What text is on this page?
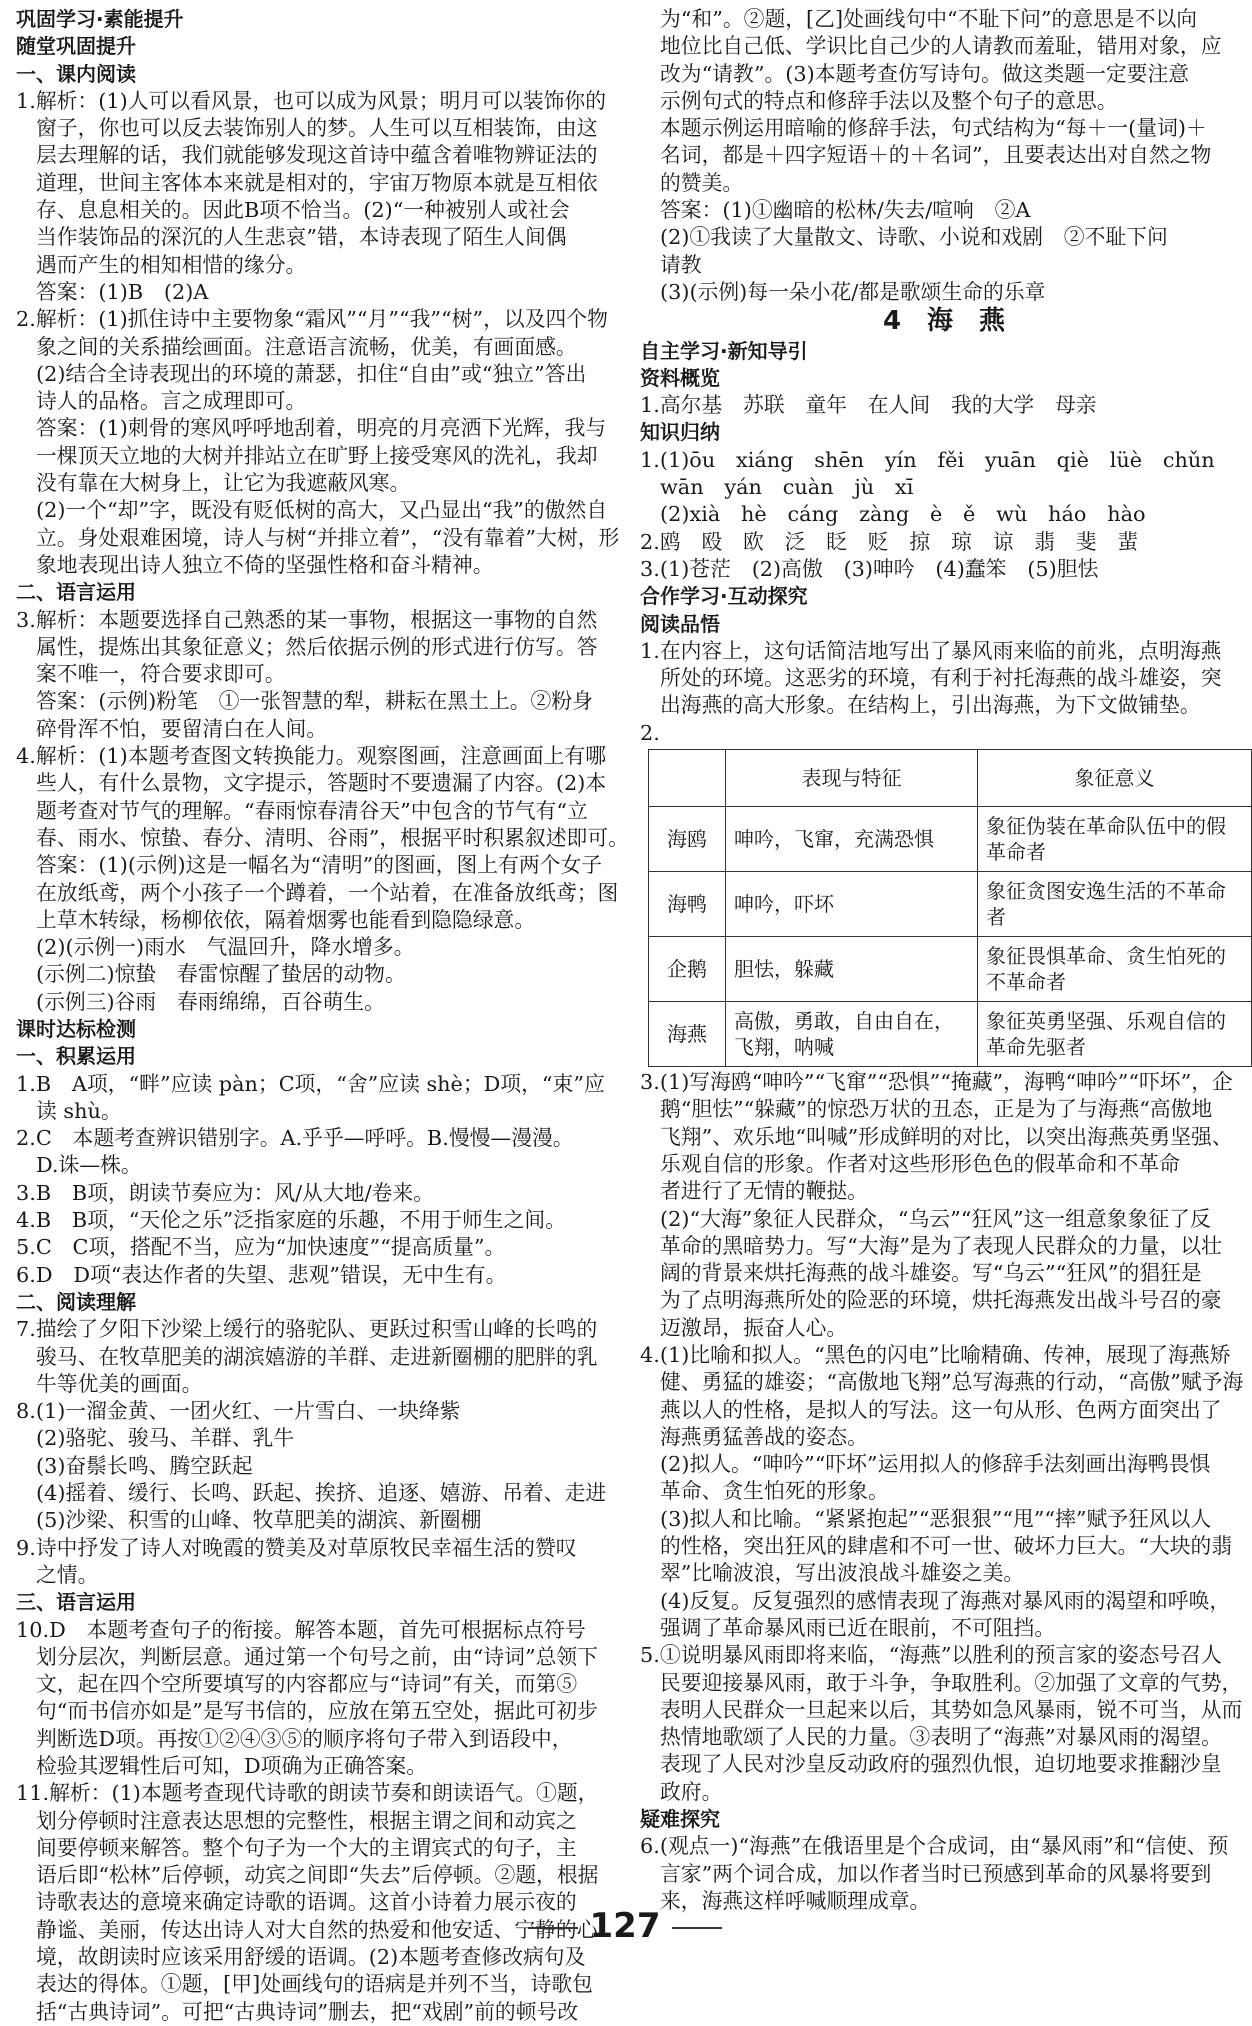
巩固学习·素能提升
随堂巩固提升
一、课内阅读
1.解析：(1)人可以看风景，也可以成为风景；明月可以装饰你的
窗子，你也可以反去装饰别人的梦。人生可以互相装饰，由这
层去理解的话，我们就能够发现这首诗中蕴含着唯物辨证法的
道理，世间主客体本来就是相对的，宇宙万物原本就是互相依
存、息息相关的。因此B项不恰当。(2)“一种被别人或社会
当作装饰品的深沉的人生悲哀”错，本诗表现了陌生人间偶
遇而产生的相知相惜的缘分。
答案：(1)B　(2)A
2.解析：(1)抓住诗中主要物象“霜风”“月”“我”“树”，以及四个物
象之间的关系描绘画面。注意语言流畅，优美，有画面感。
(2)结合全诗表现出的环境的萧瑟，扣住“自由”或“独立”答出
诗人的品格。言之成理即可。
答案：(1)刺骨的寒风呼呼地刮着，明亮的月亮洒下光辉，我与
一棵顶天立地的大树并排站立在旷野上接受寒风的洗礼，我却
没有靠在大树身上，让它为我遮蔽风寒。
(2)一个“却”字，既没有贬低树的高大，又凸显出“我”的傲然自
立。身处艰难困境，诗人与树“并排立着”，“没有靠着”大树，形
象地表现出诗人独立不倚的坚强性格和奋斗精神。
二、语言运用
3.解析：本题要选择自己熟悉的某一事物，根据这一事物的自然
属性，提炼出其象征意义；然后依据示例的形式进行仿写。答
案不唯一，符合要求即可。
答案：(示例)粉笔　①一张智慧的犁，耕耘在黑土上。②粉身
碎骨浑不怕，要留清白在人间。
4.解析：(1)本题考查图文转换能力。观察图画，注意画面上有哪
些人，有什么景物，文字提示，答题时不要遗漏了内容。(2)本
题考查对节气的理解。“春雨惊春清谷天”中包含的节气有“立
春、雨水、惊蛰、春分、清明、谷雨”，根据平时积累叙述即可。
答案：(1)(示例)这是一幅名为“清明”的图画，图上有两个女子
在放纸鸢，两个小孩子一个蹲着，一个站着，在准备放纸鸢；图
上草木转绿，杨柳依依，隔着烟雾也能看到隐隐绿意。
(2)(示例一)雨水　气温回升，降水增多。
(示例二)惊蛰　春雷惊醒了蛰居的动物。
(示例三)谷雨　春雨绵绵，百谷萌生。
课时达标检测
一、积累运用
1.B　A项，“畔”应读 pàn；C项，“舍”应读 shè；D项，“束”应
读 shù。
2.C　本题考查辨识错别字。A.乎乎—呼呼。B.慢慢—漫漫。
D.诛—株。
3.B　B项，朗读节奏应为：风/从大地/卷来。
4.B　B项，“天伦之乐”泛指家庭的乐趣，不用于师生之间。
5.C　C项，搭配不当，应为“加快速度”“提高质量”。
6.D　D项“表达作者的失望、悲观”错误，无中生有。
二、阅读理解
7.描绘了夕阳下沙梁上缓行的骆驼队、更跃过积雪山峰的长鸣的
骏马、在牧草肥美的湖滨嬉游的羊群、走进新圈棚的肥胖的乳
牛等优美的画面。
8.(1)一溜金黄、一团火红、一片雪白、一块绛紫
(2)骆驼、骏马、羊群、乳牛
(3)奋鬃长鸣、腾空跃起
(4)摇着、缓行、长鸣、跃起、挨挤、追逐、嬉游、吊着、走进
(5)沙梁、积雪的山峰、牧草肥美的湖滨、新圈棚
9.诗中抒发了诗人对晚霞的赞美及对草原牧民幸福生活的赞叹
之情。
三、语言运用
10.D　本题考查句子的衔接。解答本题，首先可根据标点符号
划分层次，判断层意。通过第一个句号之前，由“诗词”总领下
文，起在四个空所要填写的内容都应与“诗词”有关，而第⑤
句“而书信亦如是”是写书信的，应放在第五空处，据此可初步
判断选D项。再按①②④③⑤的顺序将句子带入到语段中，
检验其逻辑性后可知，D项确为正确答案。
11.解析：(1)本题考查现代诗歌的朗读节奏和朗读语气。①题，
划分停顿时注意表达思想的完整性，根据主谓之间和动宾之
间要停顿来解答。整个句子为一个大的主谓宾式的句子，主
语后即“松林”后停顿，动宾之间即“失去”后停顿。②题，根据
诗歌表达的意境来确定诗歌的语调。这首小诗着力展示夜的
静谧、美丽，传达出诗人对大自然的热爱和他安适、宁静的心
境，故朗读时应该采用舒缓的语调。(2)本题考查修改病句及
表达的得体。①题，[甲]处画线句的语病是并列不当，诗歌包
括“古典诗词”。可把“古典诗词”删去，把“戏剧”前的顿号改
为“和”。②题，[乙]处画线句中“不耻下问”的意思是不以向
地位比自己低、学识比自己少的人请教而羞耻，错用对象，应
改为“请教”。(3)本题考查仿写诗句。做这类题一定要注意
示例句式的特点和修辞手法以及整个句子的意思。
本题示例运用暗喻的修辞手法，句式结构为“每＋一(量词)＋
名词，都是＋四字短语＋的＋名词”，且要表达出对自然之物
的赞美。
答案：(1)①幽暗的松林/失去/喧响　②A
(2)①我读了大量散文、诗歌、小说和戏剧　②不耻下问
请教
(3)(示例)每一朵小花/都是歌颂生命的乐章
4　海　燕
自主学习·新知导引
资料概览
1.高尔基　苏联　童年　在人间　我的大学　母亲
知识归纳
1.(1)ōu　xiáng　shēn　yín　fěi　yuān　qiè　lüè　chǔn
wān　yán　cuàn　jù　xī
(2)xià　hè　cáng　zàng　è　ě　wù　háo　hào
2.鸥　殴　欧　泛　眨　贬　掠　琼　谅　翡　斐　蜚
3.(1)苍茫　(2)高傲　(3)呻吟　(4)蠢笨　(5)胆怯
合作学习·互动探究
阅读品悟
1.在内容上，这句话简洁地写出了暴风雨来临的前兆，点明海燕
所处的环境。这恶劣的环境，有利于衬托海燕的战斗雄姿，突
出海燕的高大形象。在结构上，引出海燕，为下文做铺垫。
2.
	表现与特征	象征意义
海鸥	呻吟，飞窜，充满恐惧	象征伪装在革命队伍中的假革命者
海鸭	呻吟，吓坏	象征贪图安逸生活的不革命者
企鹅	胆怯，躲藏	象征畏惧革命、贪生怕死的不革命者
海燕	高傲，勇敢，自由自在，飞翔，呐喊	象征英勇坚强、乐观自信的革命先驱者
3.(1)写海鸥“呻吟”“飞窜”“恐惧”“掩藏”，海鸭“呻吟”“吓坏”，企
鹅“胆怯”“躲藏”的惊恐万状的丑态，正是为了与海燕“高傲地
飞翔”、欢乐地“叫喊”形成鲜明的对比，以突出海燕英勇坚强、
乐观自信的形象。作者对这些形形色色的假革命和不革命
者进行了无情的鞭挞。
(2)“大海”象征人民群众，“乌云”“狂风”这一组意象象征了反
革命的黑暗势力。写“大海”是为了表现人民群众的力量，以壮
阔的背景来烘托海燕的战斗雄姿。写“乌云”“狂风”的猖狂是
为了点明海燕所处的险恶的环境，烘托海燕发出战斗号召的豪
迈激昂，振奋人心。
4.(1)比喻和拟人。“黑色的闪电”比喻精确、传神，展现了海燕矫
健、勇猛的雄姿；“高傲地飞翔”总写海燕的行动，“高傲”赋予海
燕以人的性格，是拟人的写法。这一句从形、色两方面突出了
海燕勇猛善战的姿态。
(2)拟人。“呻吟”“吓坏”运用拟人的修辞手法刻画出海鸭畏惧
革命、贪生怕死的形象。
(3)拟人和比喻。“紧紧抱起”“恶狠狠”“甩”“摔”赋予狂风以人
的性格，突出狂风的肆虐和不可一世、破坏力巨大。“大块的翡
翠”比喻波浪，写出波浪战斗雄姿之美。
(4)反复。反复强烈的感情表现了海燕对暴风雨的渴望和呼唤，
强调了革命暴风雨已近在眼前，不可阻挡。
5.①说明暴风雨即将来临，“海燕”以胜利的预言家的姿态号召人
民要迎接暴风雨，敢于斗争，争取胜利。②加强了文章的气势，
表明人民群众一旦起来以后，其势如急风暴雨，锐不可当，从而
热情地歌颂了人民的力量。③表明了“海燕”对暴风雨的渴望。
表现了人民对沙皇反动政府的强烈仇恨，迫切地要求推翻沙皇
政府。
疑难探究
6.(观点一)“海燕”在俄语里是个合成词，由“暴风雨”和“信使、预
言家”两个词合成，加以作者当时已预感到革命的风暴将要到
来，海燕这样呼喊顺理成章。
127
